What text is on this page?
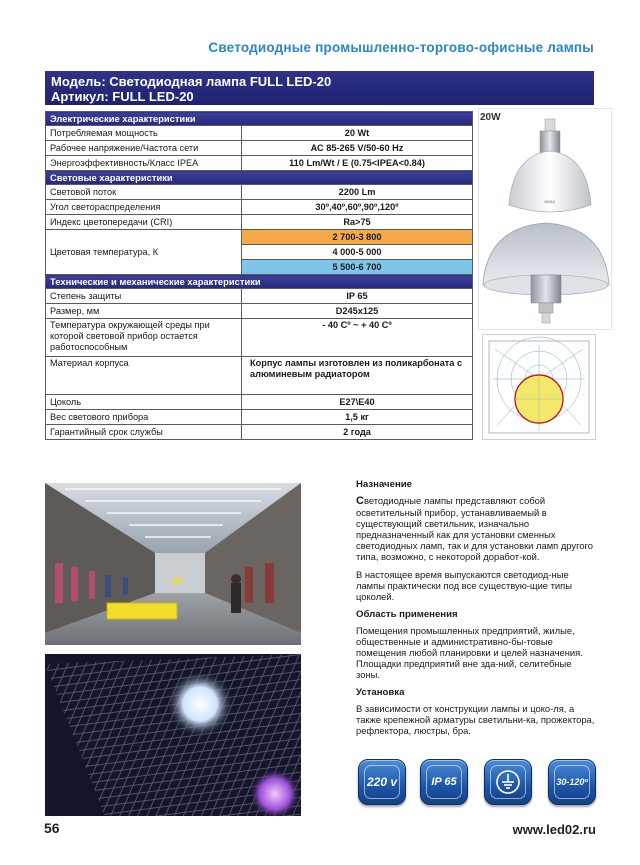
Светодиодные промышленно-торгово-офисные лампы
Модель: Светодиодная лампа FULL LED-20
Артикул: FULL LED-20
Электрические характеристики	
Потребляемая мощность	20 Wt
Рабочее напряжение/Частота сети	АС 85-265 V/50-60 Hz
Энергоэффективность/Класс IPEA	110 Lm/Wt / E (0.75<IPEA<0.84)
Световые характеристики	
Световой поток	2200 Lm
Угол светораспределения	30º,40º,60º,90º,120º
Индекс цветопередачи (CRI)	Ra>75
Цветовая температура, К	2 700-3 800
	4 000-5 000
	5 500-6 700
Технические и механические характеристики	
Степень защиты	IP 65
Размер, мм	D245x125
Температура окружающей среды при которой световой прибор остается работоспособным	- 40 Cº ~ + 40 Cº
Материал корпуса	Корпус лампы изготовлен из поликарбоната с алюминевым радиатором
Цоколь	E27\E40
Вес светового прибора	1,5 кг
Гарантийный срок службы	2 года
M3AC
20W
Назначение

Светодиодные лампы представляют собой осветительный прибор, устанавливаемый в существующий светильник, изначально предназначенный как для установки сменных светодиодных ламп, так и для установки ламп другого типа, возможно, с некоторой доработ-кой.

В настоящее время выпускаются светодиод-ные лампы практически под все существую-щие типы цоколей.

Область применения

Помещения промышленных предприятий, жилые, общественные и административно-бы-товые помещения любой планировки и целей назначения. Площадки предприятий вне зда-ний, селитебные зоны.

Установка

В зависимости от конструкции лампы и цоко-ля, а также крепежной арматуры светильни-ка, прожектора, рефлектора, люстры, бра.

220 v	IP 65	30-120º
56	www.led02.ru
